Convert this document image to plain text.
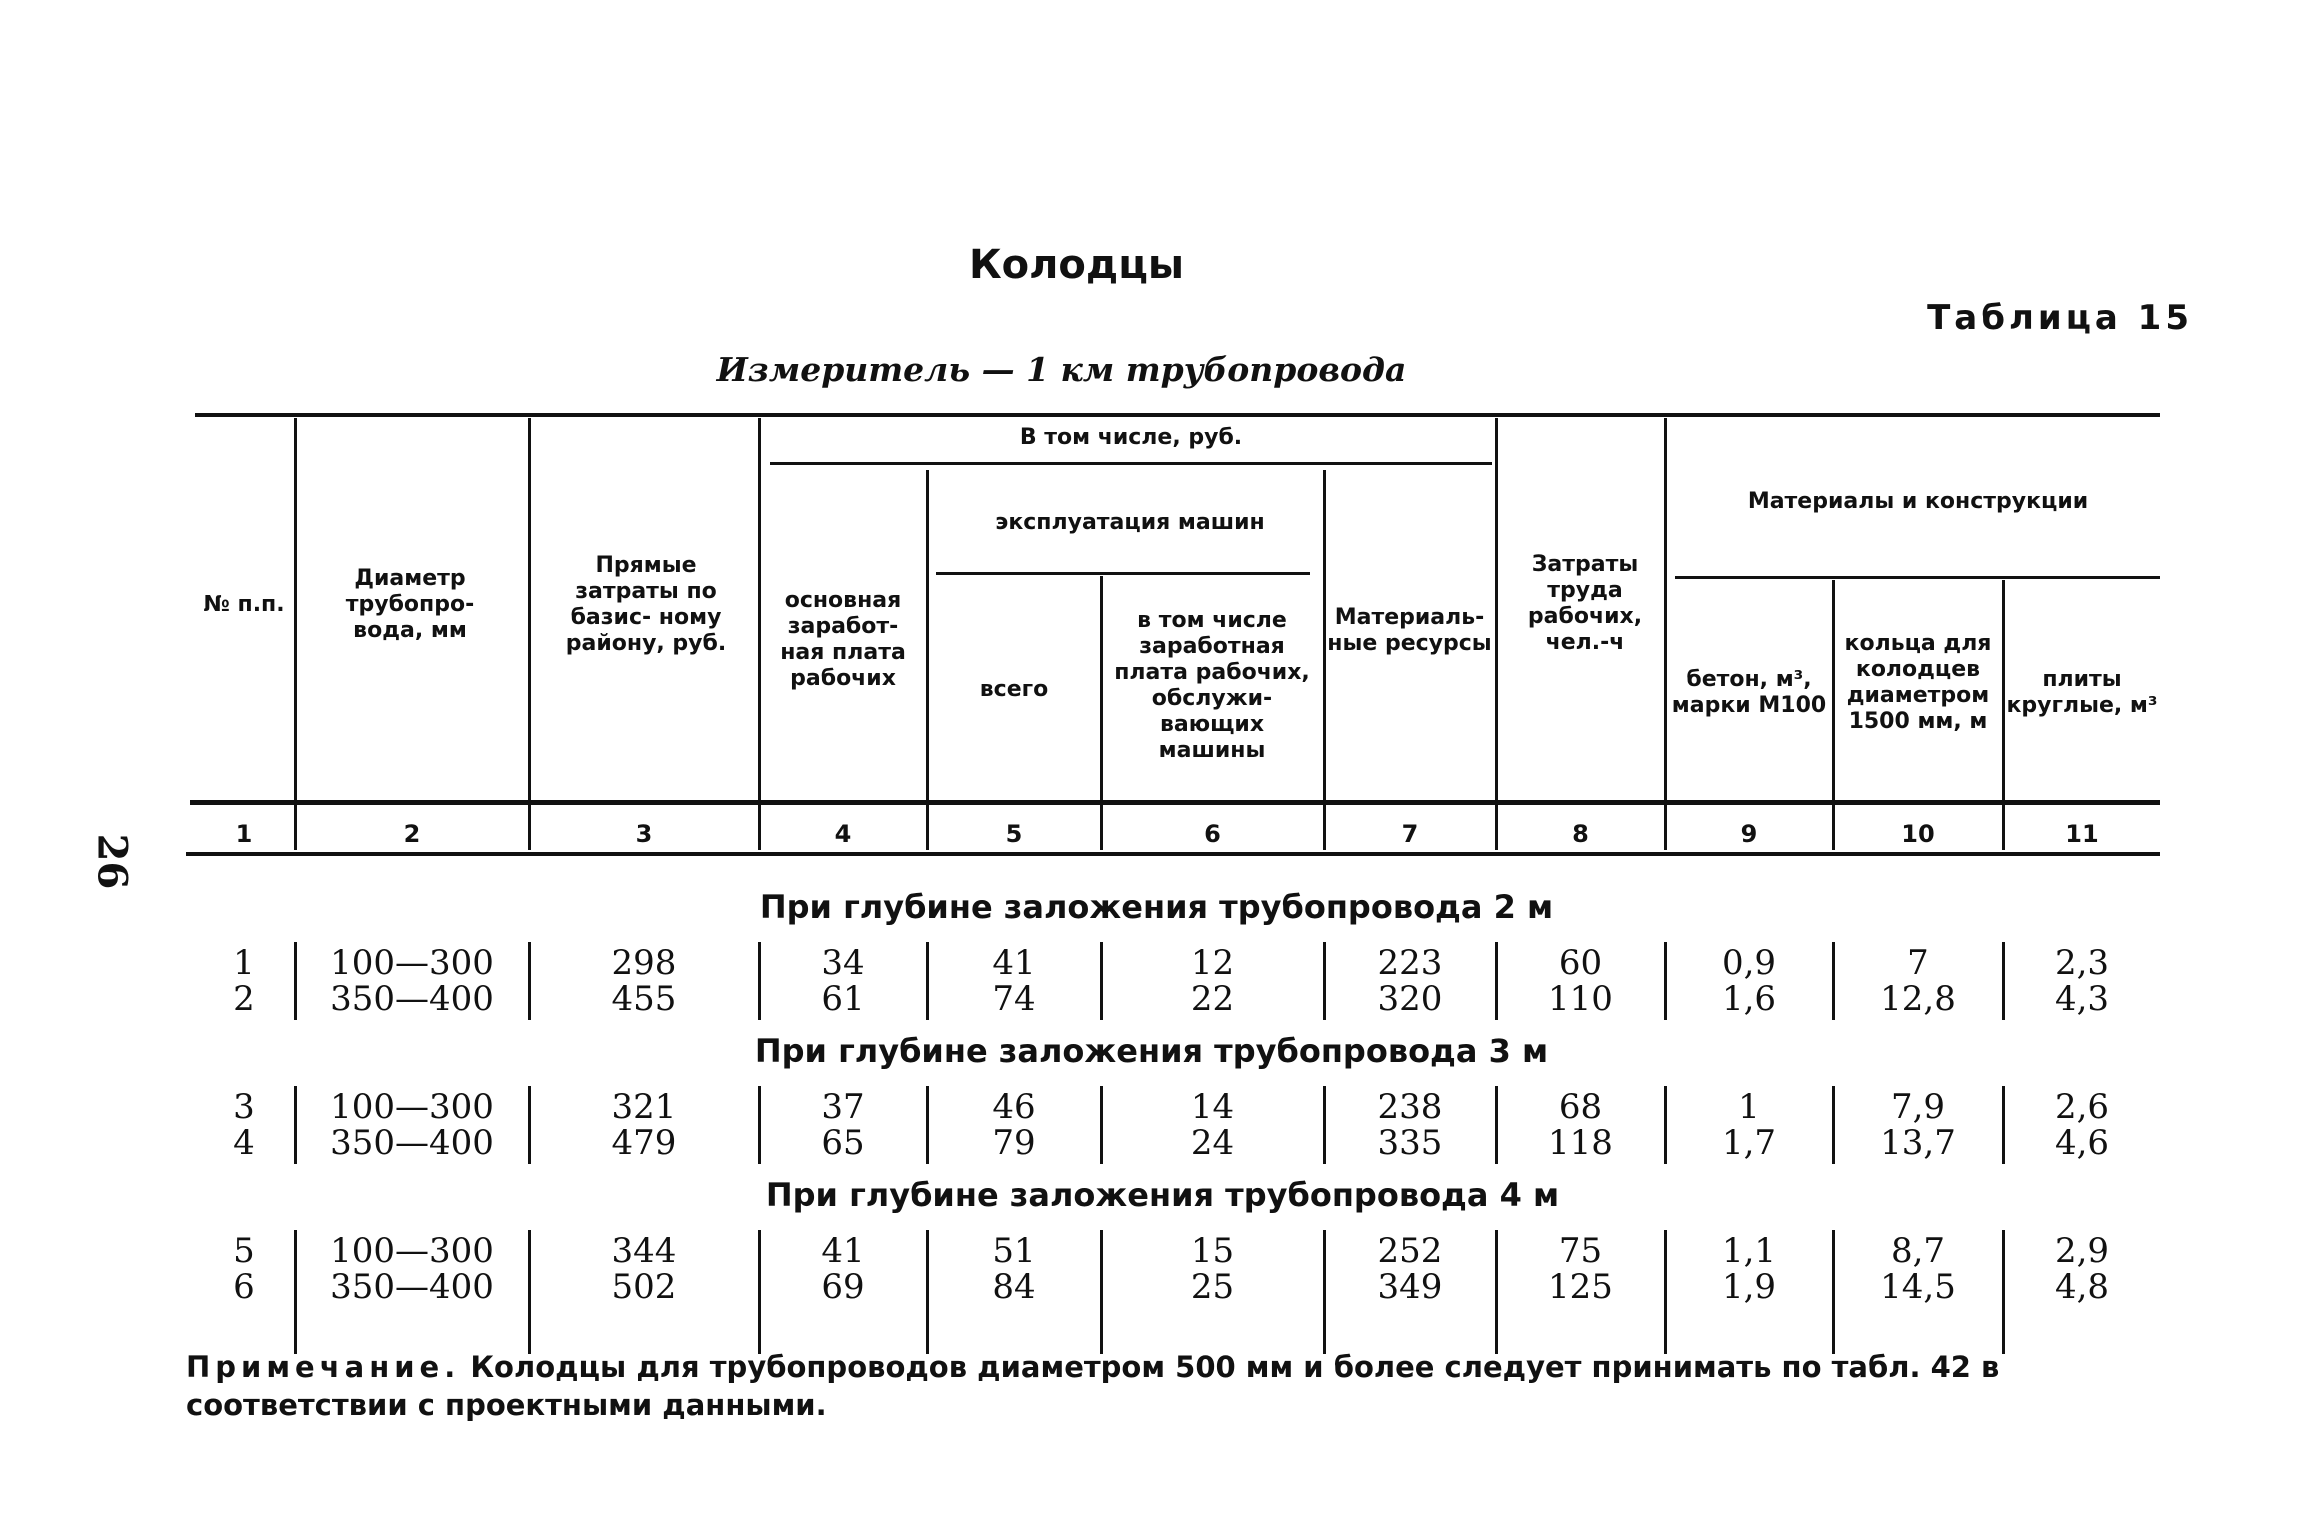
26
Колодцы
Таблица 15
Измеритель — 1 км трубопровода
№ п.п.
Диаметр трубопро- вода, мм
Прямые затраты по базис- ному району, руб.
В том числе, руб.
основная заработ- ная плата рабочих
эксплуатация машин
всего
в том числе заработная плата рабочих, обслужи- вающих машины
Материаль- ные ресурсы
Затраты труда рабочих, чел.-ч
Материалы и конструкции
бетон, м³, марки М100
кольца для колодцев диаметром 1500 мм, м
плиты круглые, м³
1	2	3	4	5	6	7	8	9	10	11
При глубине заложения трубопровода 2 м
При глубине заложения трубопровода 3 м
При глубине заложения трубопровода 4 м
1	100—300	298	34	41	12	223	60	0,9	7	2,3
2	350—400	455	61	74	22	320	110	1,6	12,8	4,3
3	100—300	321	37	46	14	238	68	1	7,9	2,6
4	350—400	479	65	79	24	335	118	1,7	13,7	4,6
5	100—300	344	41	51	15	252	75	1,1	8,7	2,9
6	350—400	502	69	84	25	349	125	1,9	14,5	4,8
Примечание. Колодцы для трубопроводов диаметром 500 мм и более следует принимать по табл. 42 в соответствии с проектными данными.
